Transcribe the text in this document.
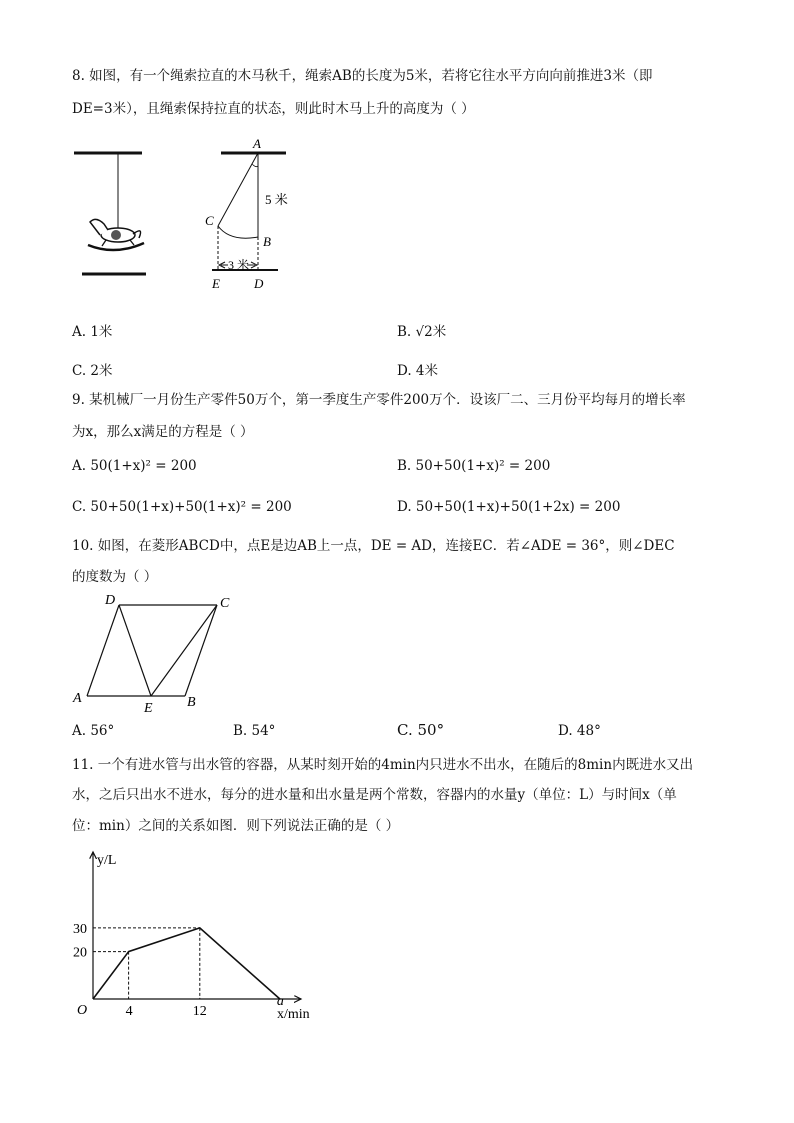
8. 如图，有一个绳索拉直的木马秋千，绳索AB的长度为5米，若将它往水平方向向前推进3米（即
DE=3米），且绳索保持拉直的状态，则此时木马上升的高度为（ ）
A
5 米
C
B
3 米
E	D
A. 1米	B. √2米
C. 2米	D. 4米
9. 某机械厂一月份生产零件50万个，第一季度生产零件200万个．设该厂二、三月份平均每月的增长率
为x，那么x满足的方程是（ ）
A. 50(1+x)² = 200	B. 50+50(1+x)² = 200
C. 50+50(1+x)+50(1+x)² = 200	D. 50+50(1+x)+50(1+2x) = 200
10. 如图，在菱形ABCD中，点E是边AB上一点，DE = AD，连接EC．若∠ADE = 36°，则∠DEC
的度数为（ ）
A	B
C
D
E
A. 56°	B. 54°	C. 50°	D. 48°
11. 一个有进水管与出水管的容器，从某时刻开始的4min内只进水不出水，在随后的8min内既进水又出
水，之后只出水不进水，每分的进水量和出水量是两个常数，容器内的水量y（单位：L）与时间x（单
位：min）之间的关系如图．则下列说法正确的是（ ）
y/L
x/min
O	4	12
a
20
30
